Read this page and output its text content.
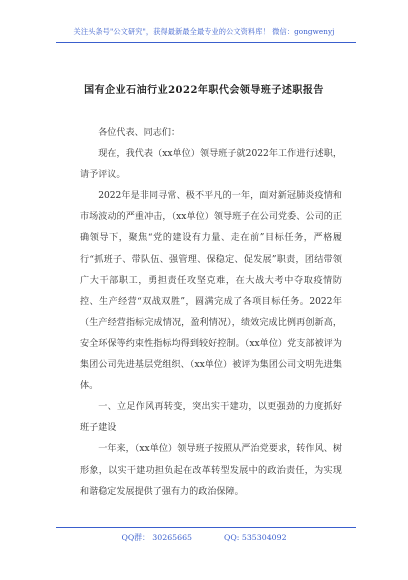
关注头条号"公文研究"，获得最新最全最专业的公文资料库！ 微信：gongwenyj
国有企业石油行业2022年职代会领导班子述职报告

各位代表、同志们：

现在，我代表（xx单位）领导班子就2022年工作进行述职，请予评议。

2022年是非同寻常、极不平凡的一年，面对新冠肺炎疫情和市场波动的严重冲击，（xx单位）领导班子在公司党委、公司的正确领导下，聚焦“党的建设有力量、走在前”目标任务，严格履行“抓班子、带队伍、强管理、保稳定、促发展”职责，团结带领广大干部职工，勇担责任攻坚克难，在大战大考中夺取疫情防控、生产经营“双战双胜”，圆满完成了各项目标任务。2022年（生产经营指标完成情况，盈利情况），绩效完成比例再创新高，安全环保等约束性指标均得到较好控制。（xx单位）党支部被评为集团公司先进基层党组织、（xx单位）被评为集团公司文明先进集体。

一、立足作风再转变，突出实干建功，以更强劲的力度抓好班子建设

一年来，（xx单位）领导班子按照从严治党要求，转作风、树形象，以实干建功担负起在改革转型发展中的政治责任，为实现和谐稳定发展提供了强有力的政治保障。

QQ群： 30265665	QQ: 535304092
